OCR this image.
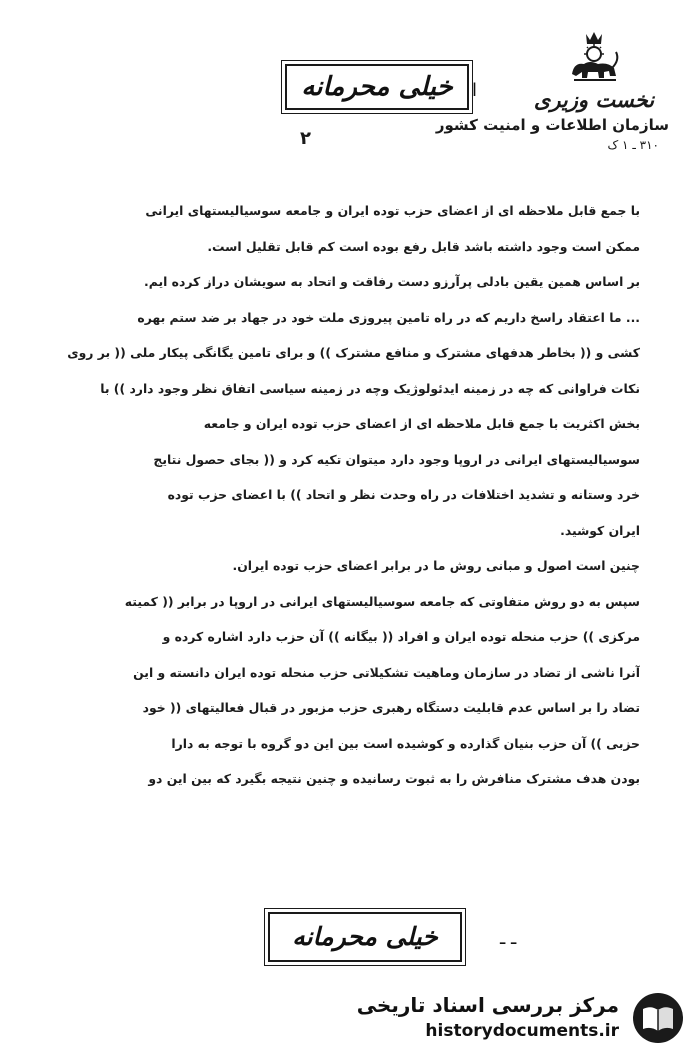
نخست وزیری
سازمان اطلاعات و امنیت کشور
۳۱۰ ـ ۱ ک
خیلی محرمانه	ا
۲
با جمع قابل ملاحظه ای از اعضای حزب توده ایران و جامعه سوسیالیستهای ایرانی
ممکن است وجود داشته باشد قابل رفع بوده است کم قابل تقلیل است.
بر اساس همین یقین بادلی پرآرزو دست رفاقت و اتحاد به سویشان دراز کرده ایم.
... ما اعتقاد راسخ داریم که در راه تامین پیروزی ملت خود در جهاد بر ضد ستم بهره
کشی و (( بخاطر هدفهای مشترک و منافع مشترک )) و برای تامین یگانگی پیکار ملی (( بر روی
نکات فراوانی که چه در زمینه ایدئولوژیک وچه در زمینه سیاسی اتفاق نظر وجود دارد )) با
بخش اکثریت با جمع قابل ملاحظه ای از اعضای حزب توده ایران و جامعه
سوسیالیستهای ایرانی در اروپا وجود دارد میتوان تکیه کرد و (( بجای حصول نتایج
خرد وستانه و تشدید اختلافات در راه وحدت نظر و اتحاد )) با اعضای حزب توده
ایران کوشید.
چنین است اصول و مبانی روش ما در برابر اعضای حزب توده ایران.
سپس به دو روش متفاوتی که جامعه سوسیالیستهای ایرانی در اروپا در برابر (( کمیته
مرکزی )) حزب منحله توده ایران و افراد (( بیگانه )) آن حزب دارد اشاره کرده و
آنرا ناشی از تضاد در سازمان وماهیت تشکیلاتی حزب منحله توده ایران دانسته و این
تضاد را بر اساس عدم قابلیت دستگاه رهبری حزب مزبور در قبال فعالیتهای (( خود
حزبی )) آن حزب بنیان گذارده و کوشیده است بین این دو گروه با توجه به دارا
بودن هدف مشترک منافرش را به ثبوت رسانیده و چنین نتیجه بگیرد که بین این دو
خیلی محرمانه	ـ ـ
مرکز بررسی اسناد تاریخی
historydocuments.ir
